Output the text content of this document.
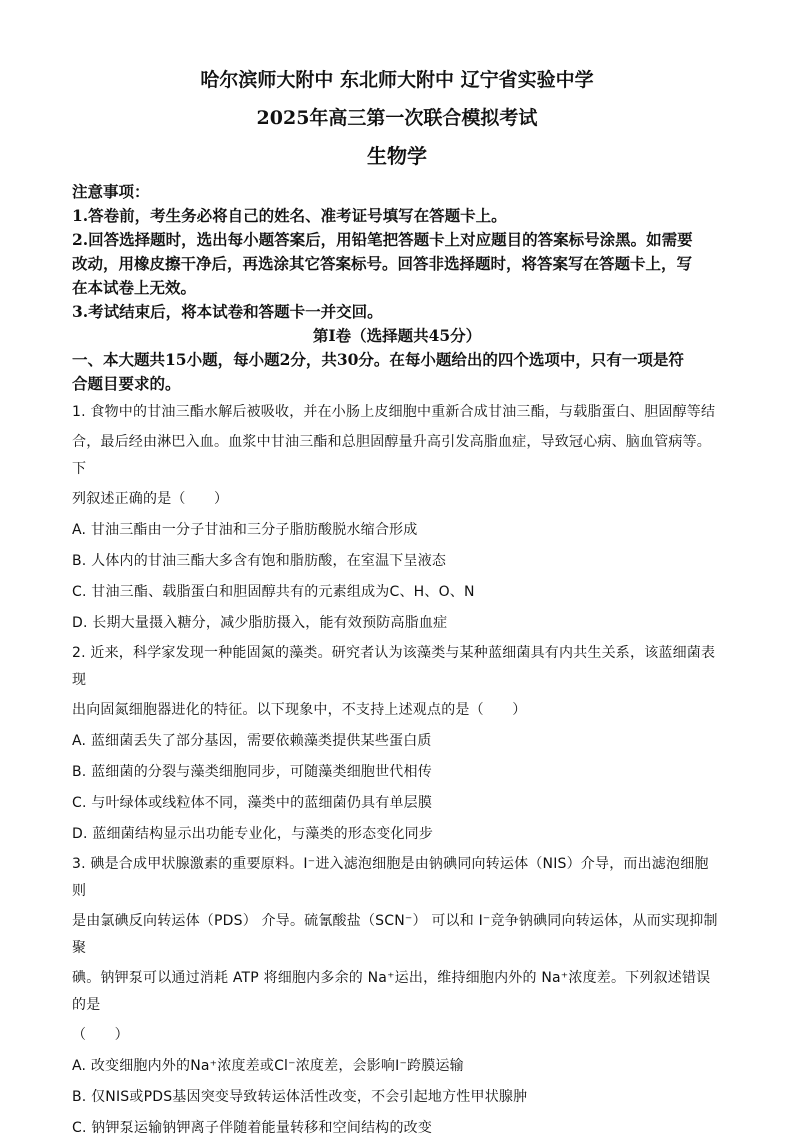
哈尔滨师大附中 东北师大附中 辽宁省实验中学

2025年高三第一次联合模拟考试

生物学

注意事项：

1.答卷前，考生务必将自己的姓名、准考证号填写在答题卡上。

2.回答选择题时，选出每小题答案后，用铅笔把答题卡上对应题目的答案标号涂黑。如需要

改动，用橡皮擦干净后，再选涂其它答案标号。回答非选择题时，将答案写在答题卡上，写

在本试卷上无效。

3.考试结束后，将本试卷和答题卡一并交回。

第Ⅰ卷（选择题共45分）

一、本大题共15小题，每小题2分，共30分。在每小题给出的四个选项中，只有一项是符

合题目要求的。

1. 食物中的甘油三酯水解后被吸收，并在小肠上皮细胞中重新合成甘油三酯，与载脂蛋白、胆固醇等结

合，最后经由淋巴入血。血浆中甘油三酯和总胆固醇量升高引发高脂血症，导致冠心病、脑血管病等。下

列叙述正确的是（　　）

A. 甘油三酯由一分子甘油和三分子脂肪酸脱水缩合形成

B. 人体内的甘油三酯大多含有饱和脂肪酸，在室温下呈液态

C. 甘油三酯、载脂蛋白和胆固醇共有的元素组成为C、H、O、N

D. 长期大量摄入糖分，减少脂肪摄入，能有效预防高脂血症

2. 近来，科学家发现一种能固氮的藻类。研究者认为该藻类与某种蓝细菌具有内共生关系，该蓝细菌表现

出向固氮细胞器进化的特征。以下现象中，不支持上述观点的是（　　）

A. 蓝细菌丢失了部分基因，需要依赖藻类提供某些蛋白质

B. 蓝细菌的分裂与藻类细胞同步，可随藻类细胞世代相传

C. 与叶绿体或线粒体不同，藻类中的蓝细菌仍具有单层膜

D. 蓝细菌结构显示出功能专业化，与藻类的形态变化同步

3. 碘是合成甲状腺激素的重要原料。I⁻进入滤泡细胞是由钠碘同向转运体（NIS）介导，而出滤泡细胞则

是由氯碘反向转运体（PDS） 介导。硫氰酸盐（SCN⁻） 可以和 I⁻竞争钠碘同向转运体，从而实现抑制聚

碘。钠钾泵可以通过消耗 ATP 将细胞内多余的 Na⁺运出，维持细胞内外的 Na⁺浓度差。下列叙述错误的是

（　　）

A. 改变细胞内外的Na⁺浓度差或Cl⁻浓度差，会影响I⁻跨膜运输

B. 仅NIS或PDS基因突变导致转运体活性改变，不会引起地方性甲状腺肿

C. 钠钾泵运输钠钾离子伴随着能量转移和空间结构的改变
